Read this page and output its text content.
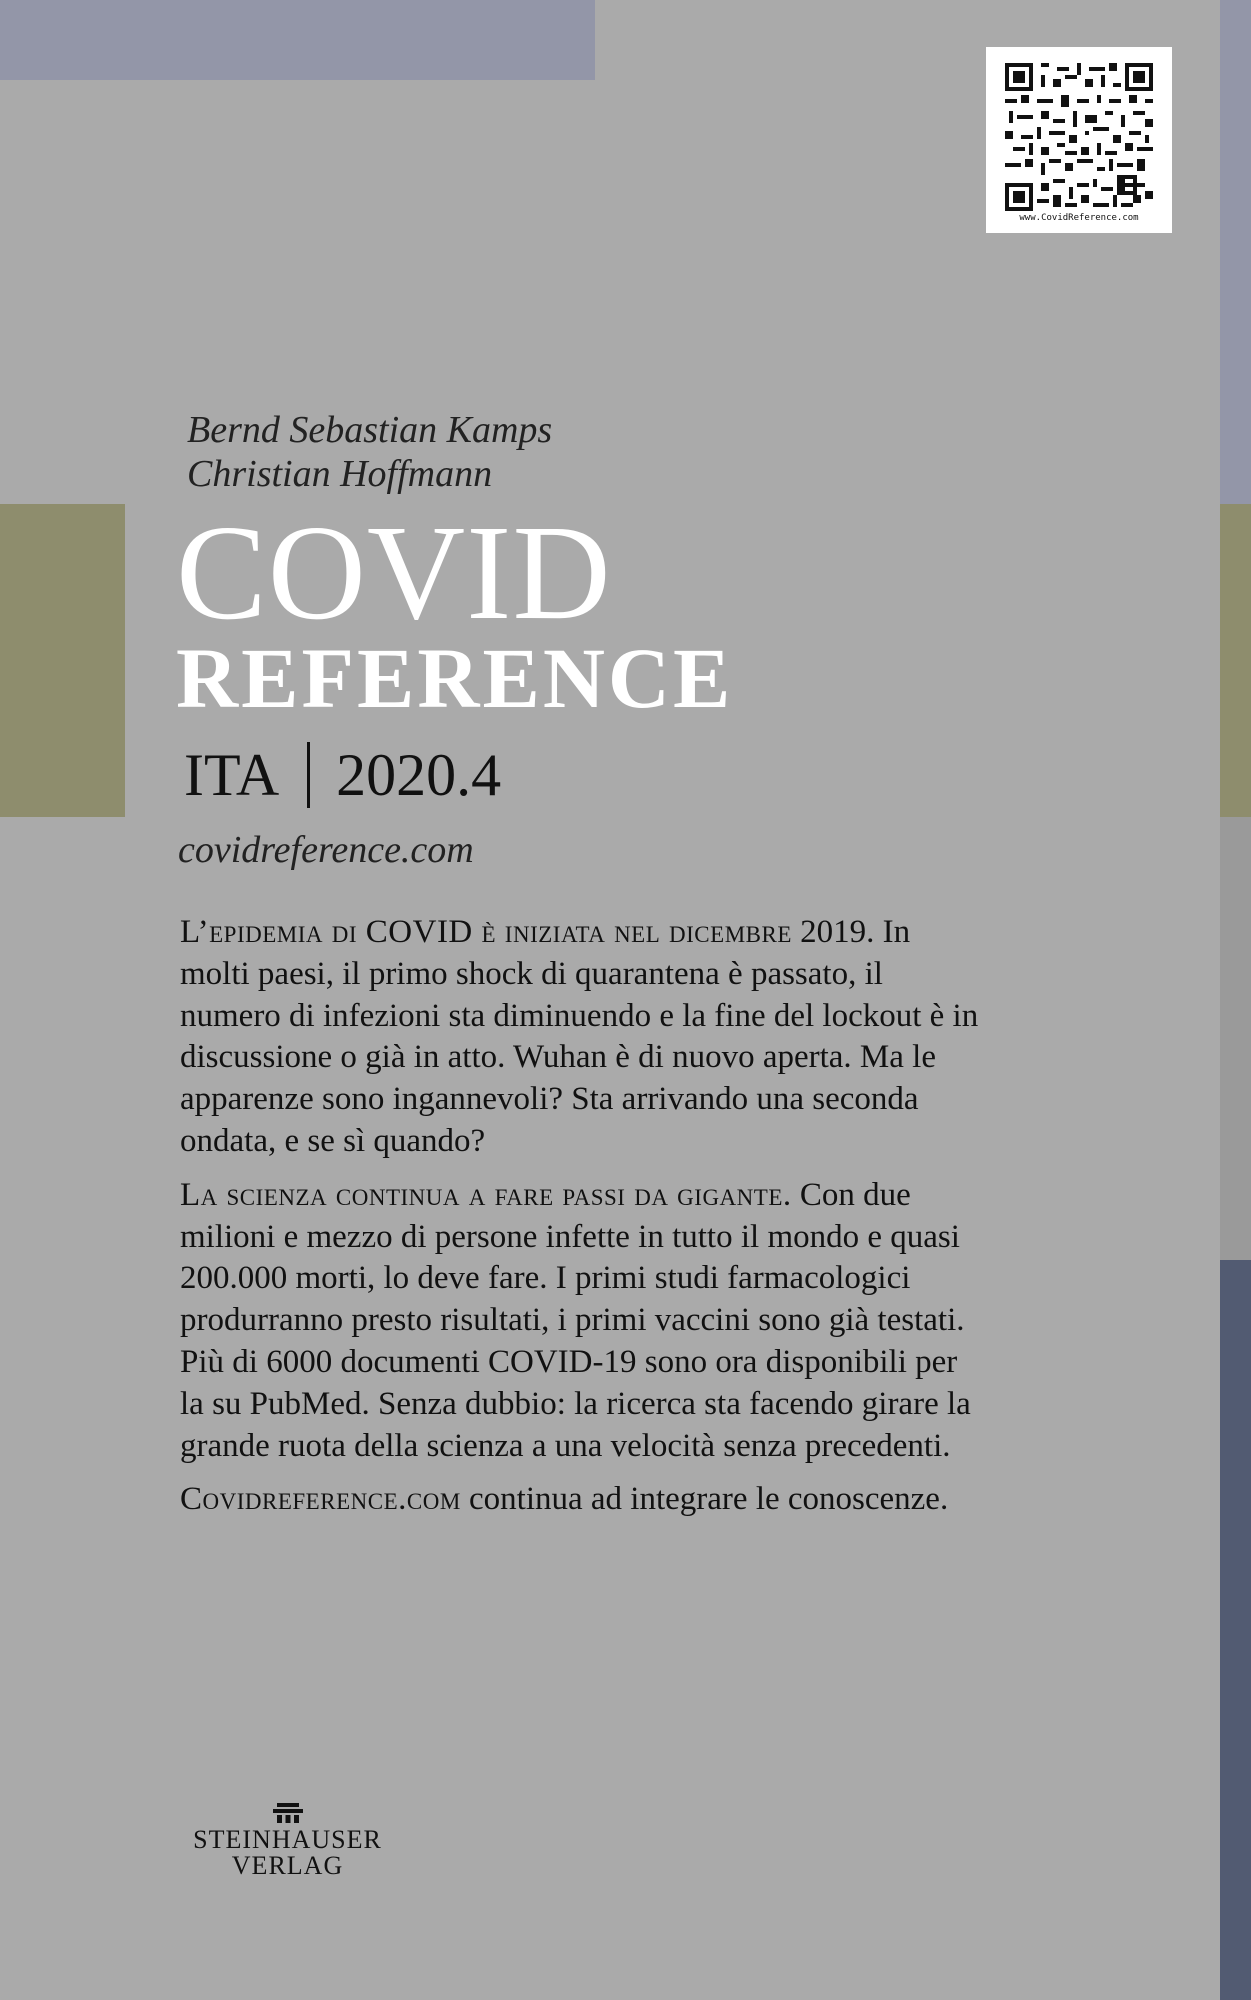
www.CovidReference.com
Bernd Sebastian Kamps
Christian Hoffmann
COVID
REFERENCE
ITA 2020.4
covidreference.com

L’epidemia di COVID è iniziata nel dicembre 2019. In molti paesi, il primo shock di quarantena è passato, il numero di infezioni sta diminuendo e la fine del lockout è in discussione o già in atto. Wuhan è di nuovo aperta. Ma le apparenze sono ingannevoli? Sta arrivando una seconda ondata, e se sì quando?

La scienza continua a fare passi da gigante. Con due milioni e mezzo di persone infette in tutto il mondo e quasi 200.000 morti, lo deve fare. I primi studi farmacologici produrranno presto risultati, i primi vaccini sono già testati. Più di 6000 documenti COVID-19 sono ora disponibili per la su PubMed. Senza dubbio: la ricerca sta facendo girare la grande ruota della scienza a una velocità senza precedenti.

Covidreference.com continua ad integrare le conoscenze.

STEINHAUSER
VERLAG
